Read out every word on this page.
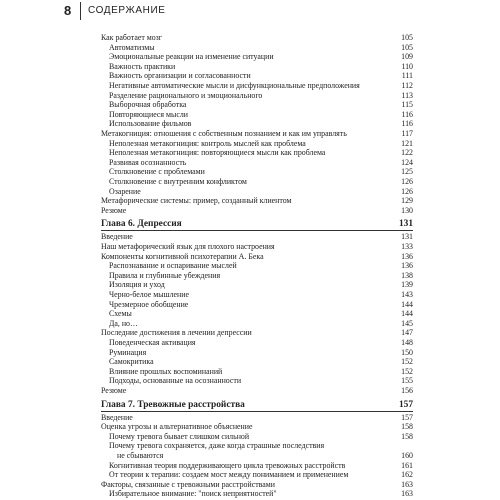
8 СОДЕРЖАНИЕ
Как работает мозг	105
Автоматизмы	105
Эмоциональные реакции на изменение ситуации	109
Важность практики	110
Важность организации и согласованности	111
Негативные автоматические мысли и дисфункциональные предположения	112
Разделение рационального и эмоционального	113
Выборочная обработка	115
Повторяющиеся мысли	116
Использование фильмов	116
Метакогниция: отношения с собственным познанием и как им управлять	117
Неполезная метакогниция: контроль мыслей как проблема	121
Неполезная метакогниция: повторяющиеся мысли как проблема	122
Развивая осознанность	124
Столкновение с проблемами	125
Столкновение с внутренним конфликтом	126
Озарение	126
Метафорические системы: пример, созданный клиентом	129
Резюме	130
Глава 6. Депрессия	131
Введение	131
Наш метафорический язык для плохого настроения	133
Компоненты когнитивной психотерапии А. Бека	136
Распознавание и оспаривание мыслей	136
Правила и глубинные убеждения	138
Изоляция и уход	139
Черно-белое мышление	143
Чрезмерное обобщение	144
Схемы	144
Да, но…	145
Последние достижения в лечении депрессии	147
Поведенческая активация	148
Руминация	150
Самокритика	152
Влияние прошлых воспоминаний	152
Подходы, основанные на осознанности	155
Резюме	156
Глава 7. Тревожные расстройства	157
Введение	157
Оценка угрозы и альтернативное объяснение	158
Почему тревога бывает слишком сильной	158
Почему тревога сохраняется, даже когда страшные последствия
не сбываются	160
Когнитивная теория поддерживающего цикла тревожных расстройств	161
От теории к терапии: создаем мост между пониманием и применением	162
Факторы, связанные с тревожными расстройствами	163
Избирательное внимание: "поиск неприятностей"	163
